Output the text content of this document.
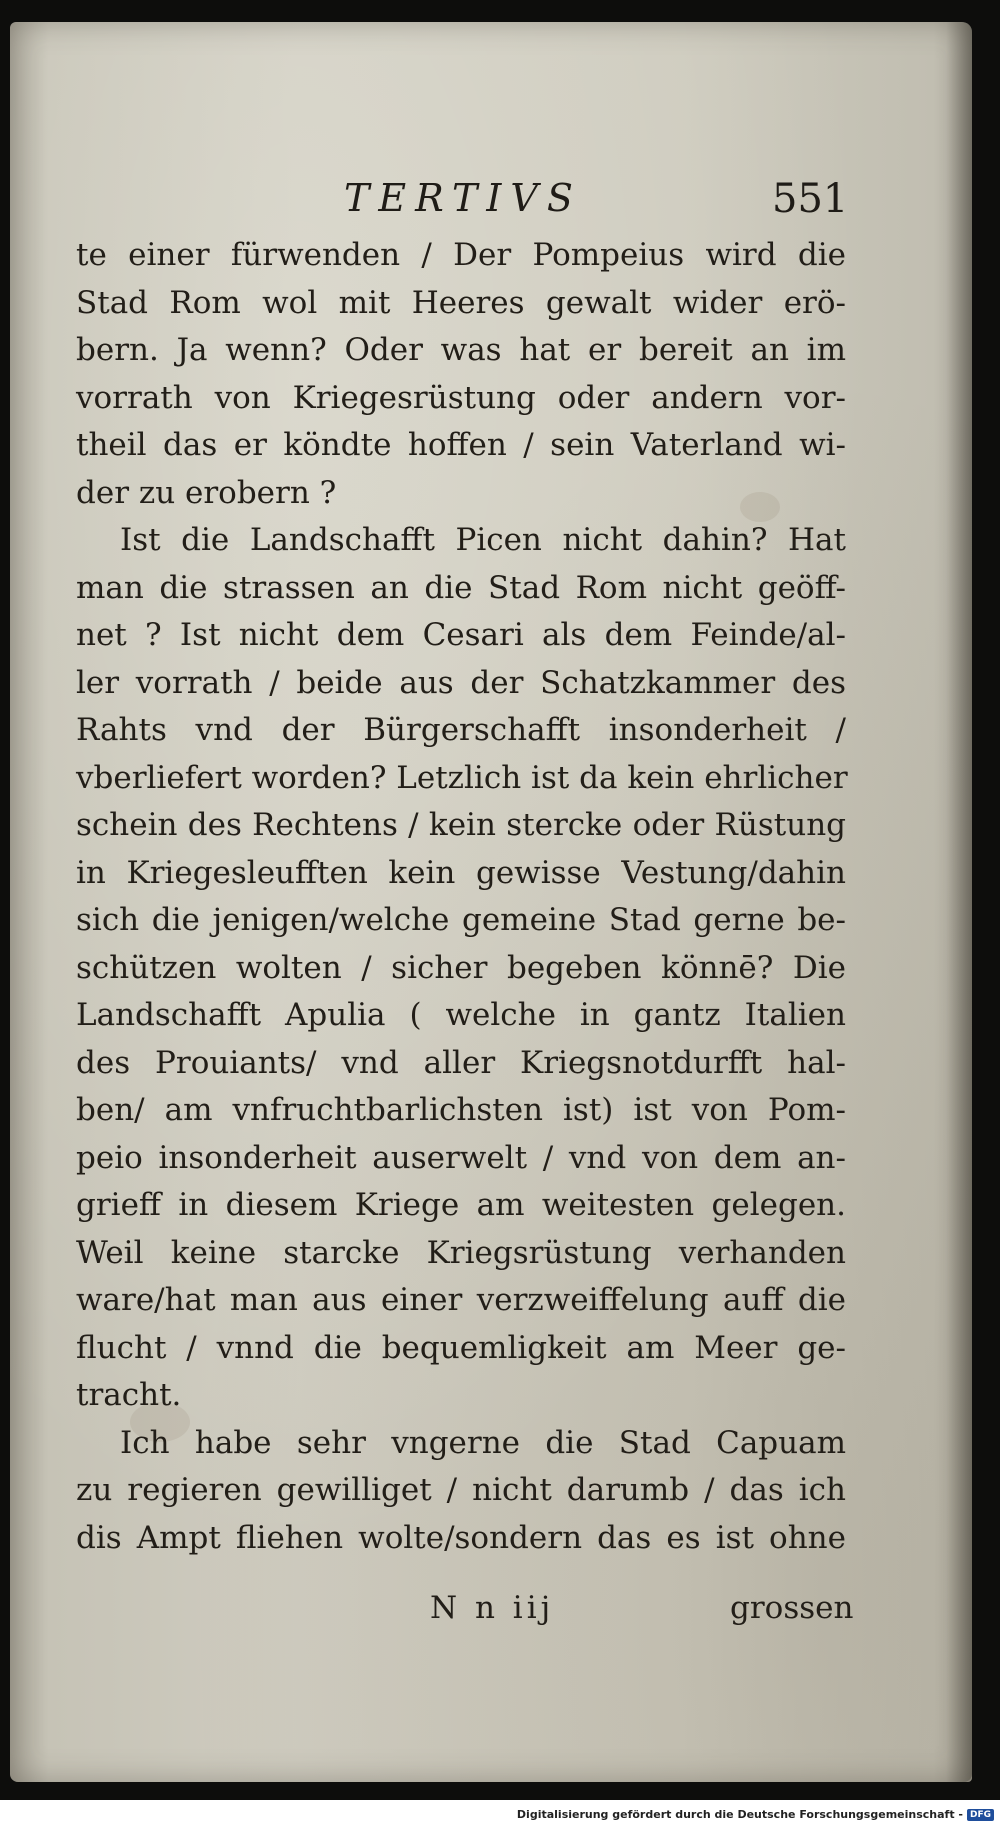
TERTIVS	551
te einer fürwenden / Der Pompeius wird die
Stad Rom wol mit Heeres gewalt wider erö-
bern. Ja wenn? Oder was hat er bereit an im
vorrath von Kriegesrüstung oder andern vor-
theil das er köndte hoffen / sein Vaterland wi-
der zu erobern ?
Ist die Landschafft Picen nicht dahin? Hat
man die strassen an die Stad Rom nicht geöff-
net ? Ist nicht dem Cesari als dem Feinde/al-
ler vorrath / beide aus der Schatzkammer des
Rahts vnd der Bürgerschafft insonderheit /
vberliefert worden? Letzlich ist da kein ehrlicher
schein des Rechtens / kein stercke oder Rüstung
in Kriegesleufften kein gewisse Vestung/dahin
sich die jenigen/welche gemeine Stad gerne be-
schützen wolten / sicher begeben könnē? Die
Landschafft Apulia ( welche in gantz Italien
des Prouiants/ vnd aller Kriegsnotdurfft hal-
ben/ am vnfruchtbarlichsten ist) ist von Pom-
peio insonderheit auserwelt / vnd von dem an-
grieff in diesem Kriege am weitesten gelegen.
Weil keine starcke Kriegsrüstung verhanden
ware/hat man aus einer verzweiffelung auff die
flucht / vnnd die bequemligkeit am Meer ge-
tracht.
Ich habe sehr vngerne die Stad Capuam
zu regieren gewilliget / nicht darumb / das ich
dis Ampt fliehen wolte/sondern das es ist ohne
N n iij	grossen
Digitalisierung gefördert durch die Deutsche Forschungsgemeinschaft - DFG
